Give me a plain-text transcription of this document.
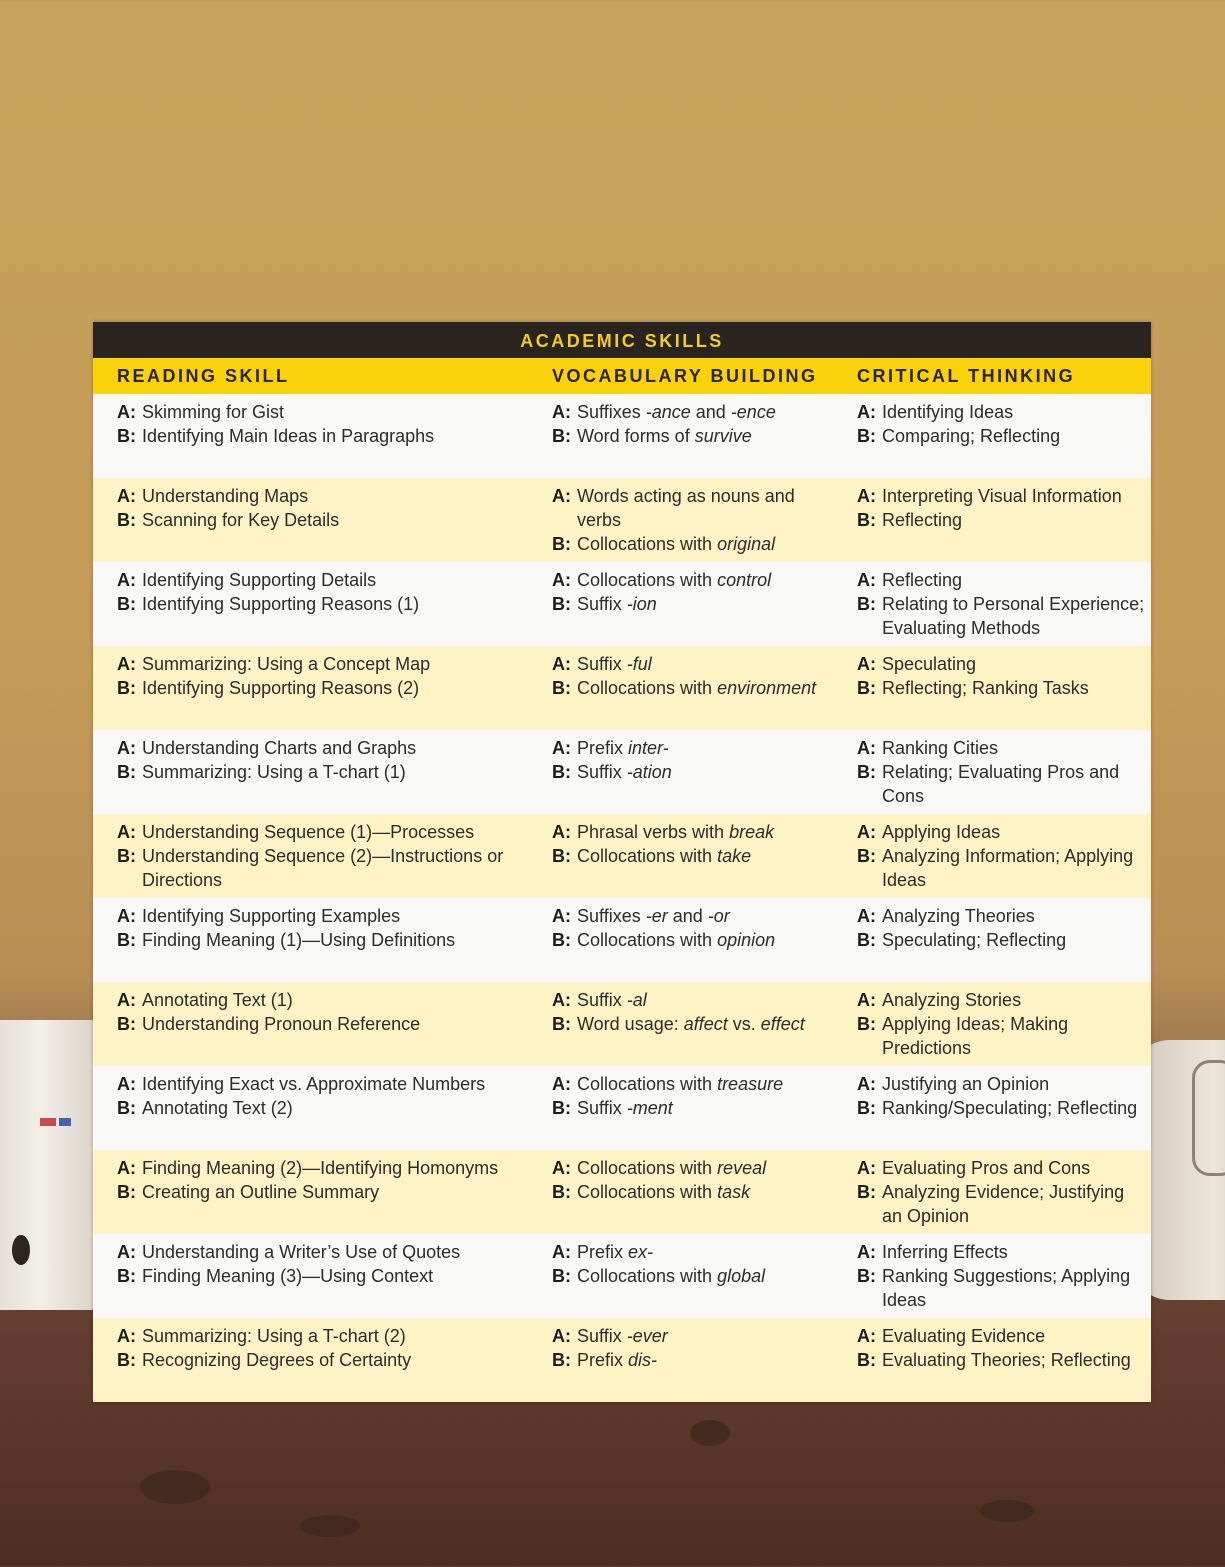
ACADEMIC SKILLS
READING SKILL	VOCABULARY BUILDING CRITICAL THINKING
A: Skimming for Gist
B: Identifying Main Ideas in Paragraphs
A: Suffixes -ance and -ence
B: Word forms of survive
A: Identifying Ideas
B: Comparing; Reflecting
A: Understanding Maps
B: Scanning for Key Details
A: Words acting as nouns and verbs
B: Collocations with original
A: Interpreting Visual Information
B: Reflecting
A: Identifying Supporting Details
B: Identifying Supporting Reasons (1)
A: Collocations with control
B: Suffix -ion
A: Reflecting
B: Relating to Personal Experience; Evaluating Methods
A: Summarizing: Using a Concept Map
B: Identifying Supporting Reasons (2)
A: Suffix -ful
B: Collocations with environment
A: Speculating
B: Reflecting; Ranking Tasks
A: Understanding Charts and Graphs
B: Summarizing: Using a T-chart (1)
A: Prefix inter-
B: Suffix -ation
A: Ranking Cities
B: Relating; Evaluating Pros and Cons
A: Understanding Sequence (1)—Processes
B: Understanding Sequence (2)—Instructions or Directions
A: Phrasal verbs with break
B: Collocations with take
A: Applying Ideas
B: Analyzing Information; Applying Ideas
A: Identifying Supporting Examples
B: Finding Meaning (1)—Using Definitions
A: Suffixes -er and -or
B: Collocations with opinion
A: Analyzing Theories
B: Speculating; Reflecting
A: Annotating Text (1)
B: Understanding Pronoun Reference
A: Suffix -al
B: Word usage: affect vs. effect
A: Analyzing Stories
B: Applying Ideas; Making Predictions
A: Identifying Exact vs. Approximate Numbers
B: Annotating Text (2)
A: Collocations with treasure
B: Suffix -ment
A: Justifying an Opinion
B: Ranking/Speculating; Reflecting
A: Finding Meaning (2)—Identifying Homonyms
B: Creating an Outline Summary
A: Collocations with reveal
B: Collocations with task
A: Evaluating Pros and Cons
B: Analyzing Evidence; Justifying an Opinion
A: Understanding a Writer’s Use of Quotes
B: Finding Meaning (3)—Using Context
A: Prefix ex-
B: Collocations with global
A: Inferring Effects
B: Ranking Suggestions; Applying Ideas
A: Summarizing: Using a T-chart (2)
B: Recognizing Degrees of Certainty
A: Suffix -ever
B: Prefix dis-
A: Evaluating Evidence
B: Evaluating Theories; Reflecting
